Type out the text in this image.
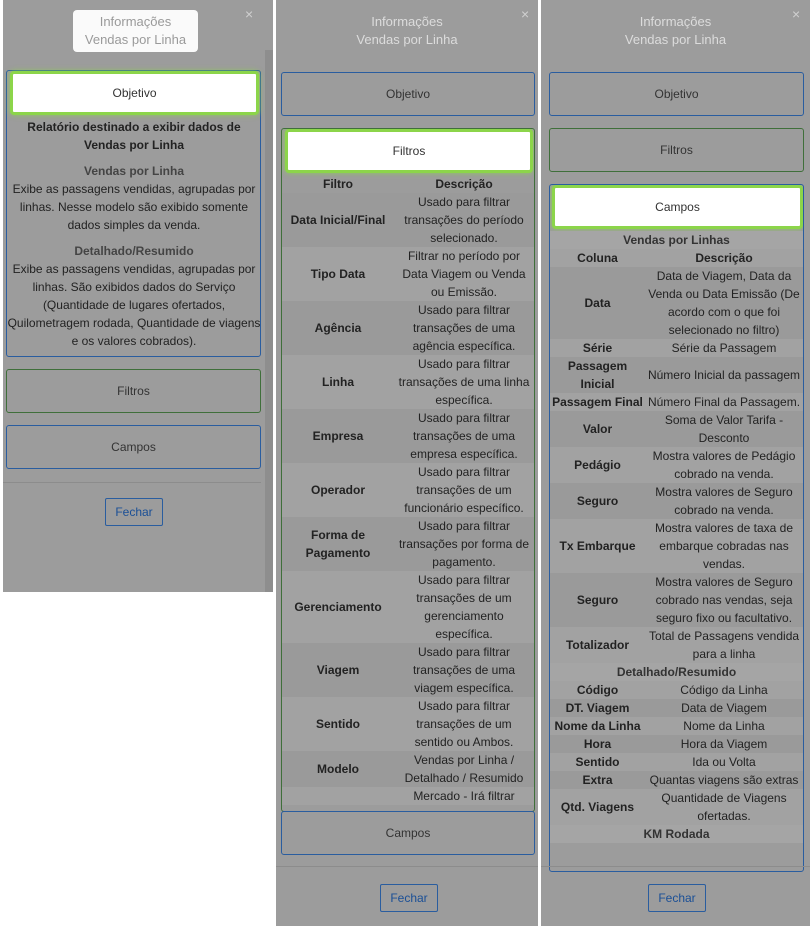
Informações
Vendas por Linha
×
Objetivo
Relatório destinado a exibir dados de Vendas por Linha
Vendas por Linha
Exibe as passagens vendidas, agrupadas por linhas. Nesse modelo são exibido somente dados simples da venda.
Detalhado/Resumido
Exibe as passagens vendidas, agrupadas por linhas. São exibidos dados do Serviço (Quantidade de lugares ofertados, Quilometragem rodada, Quantidade de viagens e os valores cobrados).
Filtros
Campos
Fechar
Informações
Vendas por Linha
×
Objetivo
Filtros
Filtro	Descrição
Data Inicial/Final	Usado para filtrar transações do período selecionado.
Tipo Data	Filtrar no período por Data Viagem ou Venda ou Emissão.
Agência	Usado para filtrar transações de uma agência específica.
Linha	Usado para filtrar transações de uma linha específica.
Empresa	Usado para filtrar transações de uma empresa específica.
Operador	Usado para filtrar transações de um funcionário específico.
Forma de Pagamento	Usado para filtrar transações por forma de pagamento.
Gerenciamento	Usado para filtrar transações de um gerenciamento específica.
Viagem	Usado para filtrar transações de uma viagem específica.
Sentido	Usado para filtrar transações de um sentido ou Ambos.
Modelo	Vendas por Linha / Detalhado / Resumido
	Mercado - Irá filtrar
Campos
Fechar
Informações
Vendas por Linha
×
Objetivo
Filtros
Campos
Vendas por Linhas	
Coluna	Descrição
Data	Data de Viagem, Data da Venda ou Data Emissão (De acordo com o que foi selecionado no filtro)
Série	Série da Passagem
Passagem Inicial	Número Inicial da passagem
Passagem Final	Número Final da Passagem.
Valor	Soma de Valor Tarifa - Desconto
Pedágio	Mostra valores de Pedágio cobrado na venda.
Seguro	Mostra valores de Seguro cobrado na venda.
Tx Embarque	Mostra valores de taxa de embarque cobradas nas vendas.
Seguro	Mostra valores de Seguro cobrado nas vendas, seja seguro fixo ou facultativo.
Totalizador	Total de Passagens vendida para a linha
Detalhado/Resumido	
Código	Código da Linha
DT. Viagem	Data de Viagem
Nome da Linha	Nome da Linha
Hora	Hora da Viagem
Sentido	Ida ou Volta
Extra	Quantas viagens são extras
Qtd. Viagens	Quantidade de Viagens ofertadas.
KM Rodada	
Fechar
